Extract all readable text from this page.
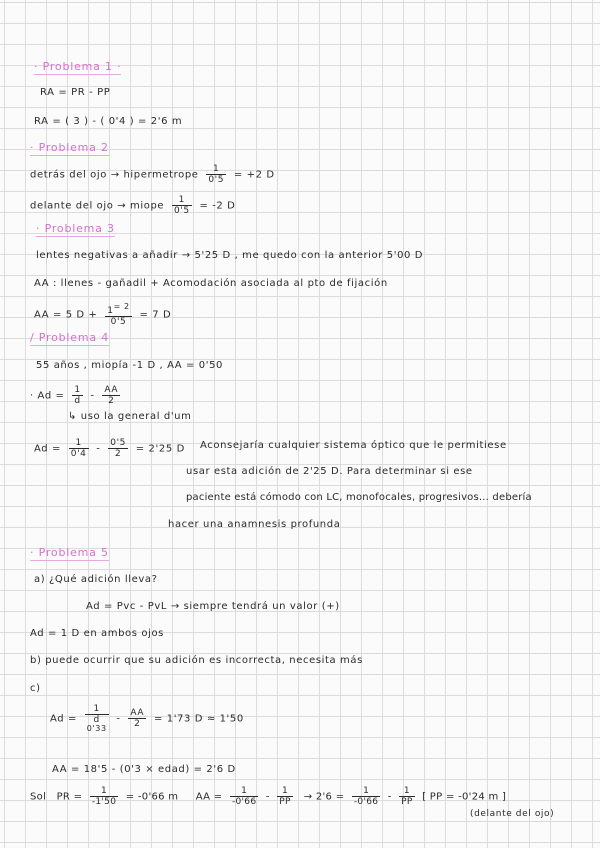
· Problema 1 ·
RA = PR - PP
RA = ( 3 ) - ( 0'4 ) = 2'6 m
· Problema 2
detrás del ojo → hipermetrope $\frac{1}{0'5} = +2$ D
delante del ojo → miope $\frac{1}{0'5} = -2$ D
· Problema 3
lentes negativas a añadir → 5'25 D , me quedo con la anterior 5'00 D
AA : llenes - gañadil + Acomodación asociada al pto de fijación
AA = 5 $D + \frac{1^{= 2}}{0'5} = 7$ D
/ Problema 4
55 años , miopía -1 D , AA = 0'50
· $Ad = \frac{1}{d} - \frac{AA}{2}$
↳ uso la general d'um
$Ad = \frac{1}{0'4} - \frac{0'5}{2} = 2'25$ D Aconsejaría cualquier sistema óptico que le permitiese
usar esta adición de 2'25 D. Para determinar si ese
paciente está cómodo con LC, monofocales, progresivos... debería
hacer una anamnesis profunda
· Problema 5
a) ¿Qué adición lleva?
Ad = Pvc - PvL → siempre tendrá un valor (+)
Ad = 1 D en ambos ojos
b) puede ocurrir que su adición es incorrecta, necesita más
c)
Ad = 1
d
$0'33 - \frac{AA}{2} = 1'73$ D ≈ 1'50
AA = 18'5 - (0'3 × edad) = 2'6 D
Sol PR = $\frac{1}{-1'50} = -0'66$ m AA = $\frac{1}{-0'66} - \frac{1}{PP} \to 2'6 = \frac{1}{-0'66} - \frac{1}{PP}$ [ PP = -0'24 m ]
(delante del ojo)
